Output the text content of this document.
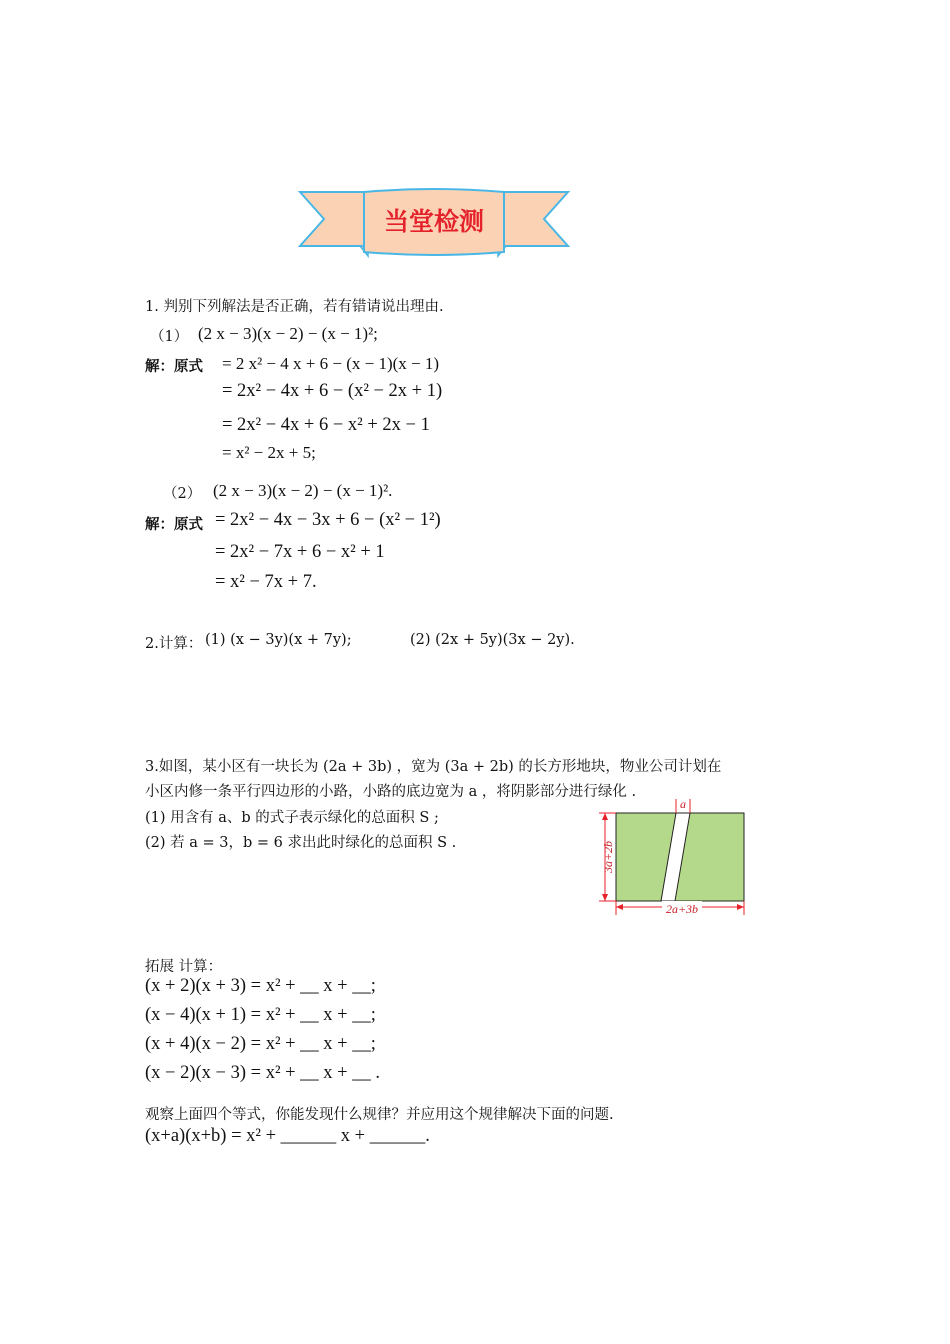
当堂检测
1. 判别下列解法是否正确，若有错请说出理由.
（1） (2 x − 3)(x − 2) − (x − 1)²;
解：原式 = 2 x² − 4 x + 6 − (x − 1)(x − 1)
= 2x² − 4x + 6 − (x² − 2x + 1)
= 2x² − 4x + 6 − x² + 2x − 1
= x² − 2x + 5;
（2） (2 x − 3)(x − 2) − (x − 1)².
解：原式 = 2x² − 4x − 3x + 6 − (x² − 1²)
= 2x² − 7x + 6 − x² + 1
= x² − 7x + 7.
2.计算： (1) (x − 3y)(x + 7y);	(2) (2x + 5y)(3x − 2y).
3.如图，某小区有一块长为 (2a + 3b) ，宽为 (3a + 2b) 的长方形地块，物业公司计划在
小区内修一条平行四边形的小路，小路的底边宽为 a ，将阴影部分进行绿化 .
(1) 用含有 a、b 的式子表示绿化的总面积 S ;
(2) 若 a = 3，b = 6 求出此时绿化的总面积 S .
a
3a+2b
2a+3b
拓展 计算：
(x + 2)(x + 3) = x² + __ x + __;
(x − 4)(x + 1) = x² + __ x + __;
(x + 4)(x − 2) = x² + __ x + __;
(x − 2)(x − 3) = x² + __ x + __ .
观察上面四个等式，你能发现什么规律？并应用这个规律解决下面的问题.
(x+a)(x+b) = x² + ______ x + ______.
